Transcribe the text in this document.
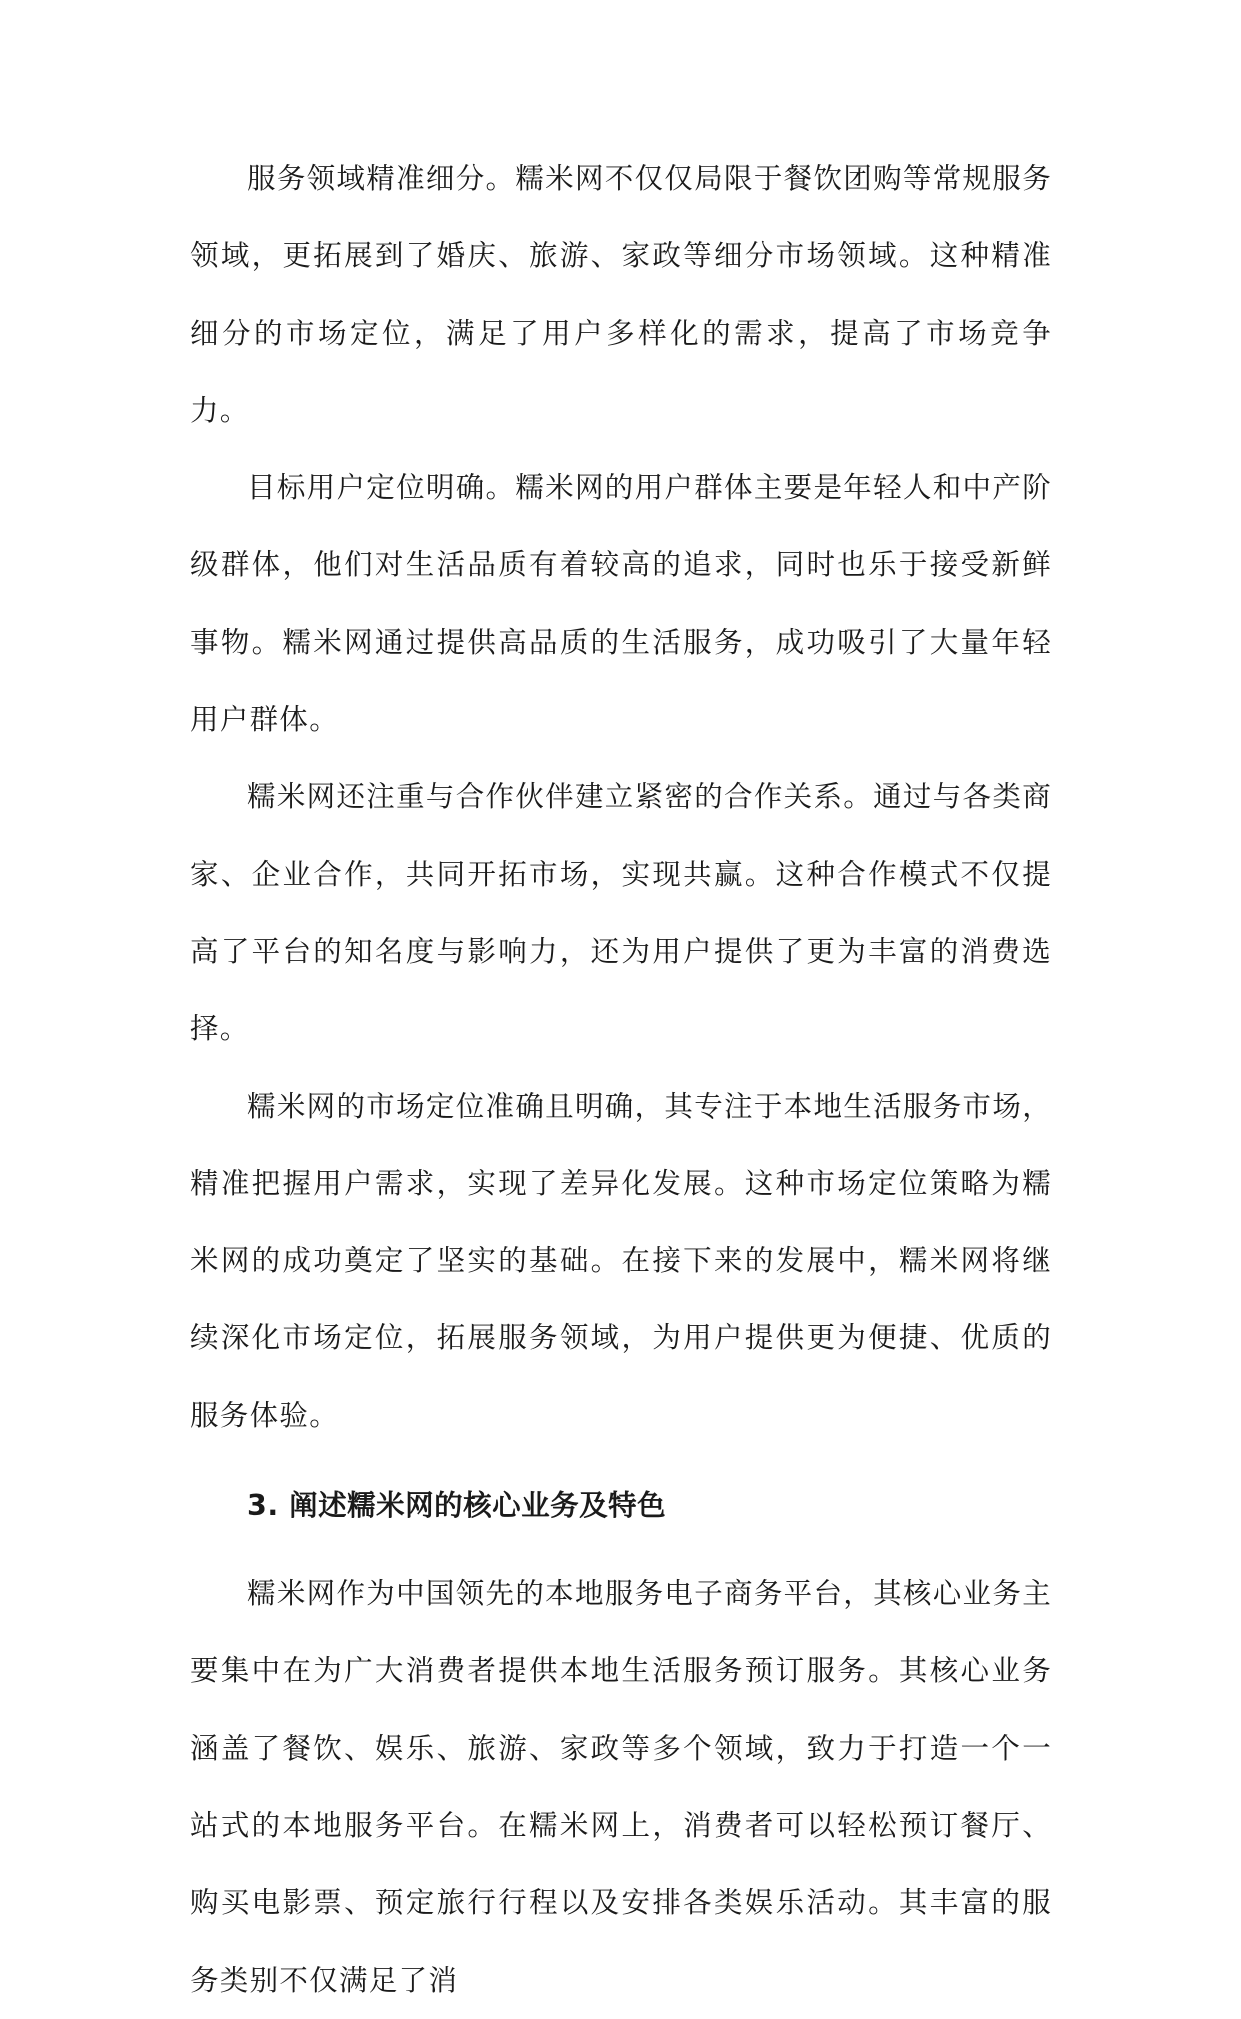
服务领域精准细分。糯米网不仅仅局限于餐饮团购等常规服务领域，更拓展到了婚庆、旅游、家政等细分市场领域。这种精准细分的市场定位，满足了用户多样化的需求，提高了市场竞争力。

目标用户定位明确。糯米网的用户群体主要是年轻人和中产阶级群体，他们对生活品质有着较高的追求，同时也乐于接受新鲜事物。糯米网通过提供高品质的生活服务，成功吸引了大量年轻用户群体。

糯米网还注重与合作伙伴建立紧密的合作关系。通过与各类商家、企业合作，共同开拓市场，实现共赢。这种合作模式不仅提高了平台的知名度与影响力，还为用户提供了更为丰富的消费选择。

糯米网的市场定位准确且明确，其专注于本地生活服务市场，精准把握用户需求，实现了差异化发展。这种市场定位策略为糯米网的成功奠定了坚实的基础。在接下来的发展中，糯米网将继续深化市场定位，拓展服务领域，为用户提供更为便捷、优质的服务体验。

3. 阐述糯米网的核心业务及特色

糯米网作为中国领先的本地服务电子商务平台，其核心业务主要集中在为广大消费者提供本地生活服务预订服务。其核心业务涵盖了餐饮、娱乐、旅游、家政等多个领域，致力于打造一个一站式的本地服务平台。在糯米网上，消费者可以轻松预订餐厅、购买电影票、预定旅行行程以及安排各类娱乐活动。其丰富的服务类别不仅满足了消
